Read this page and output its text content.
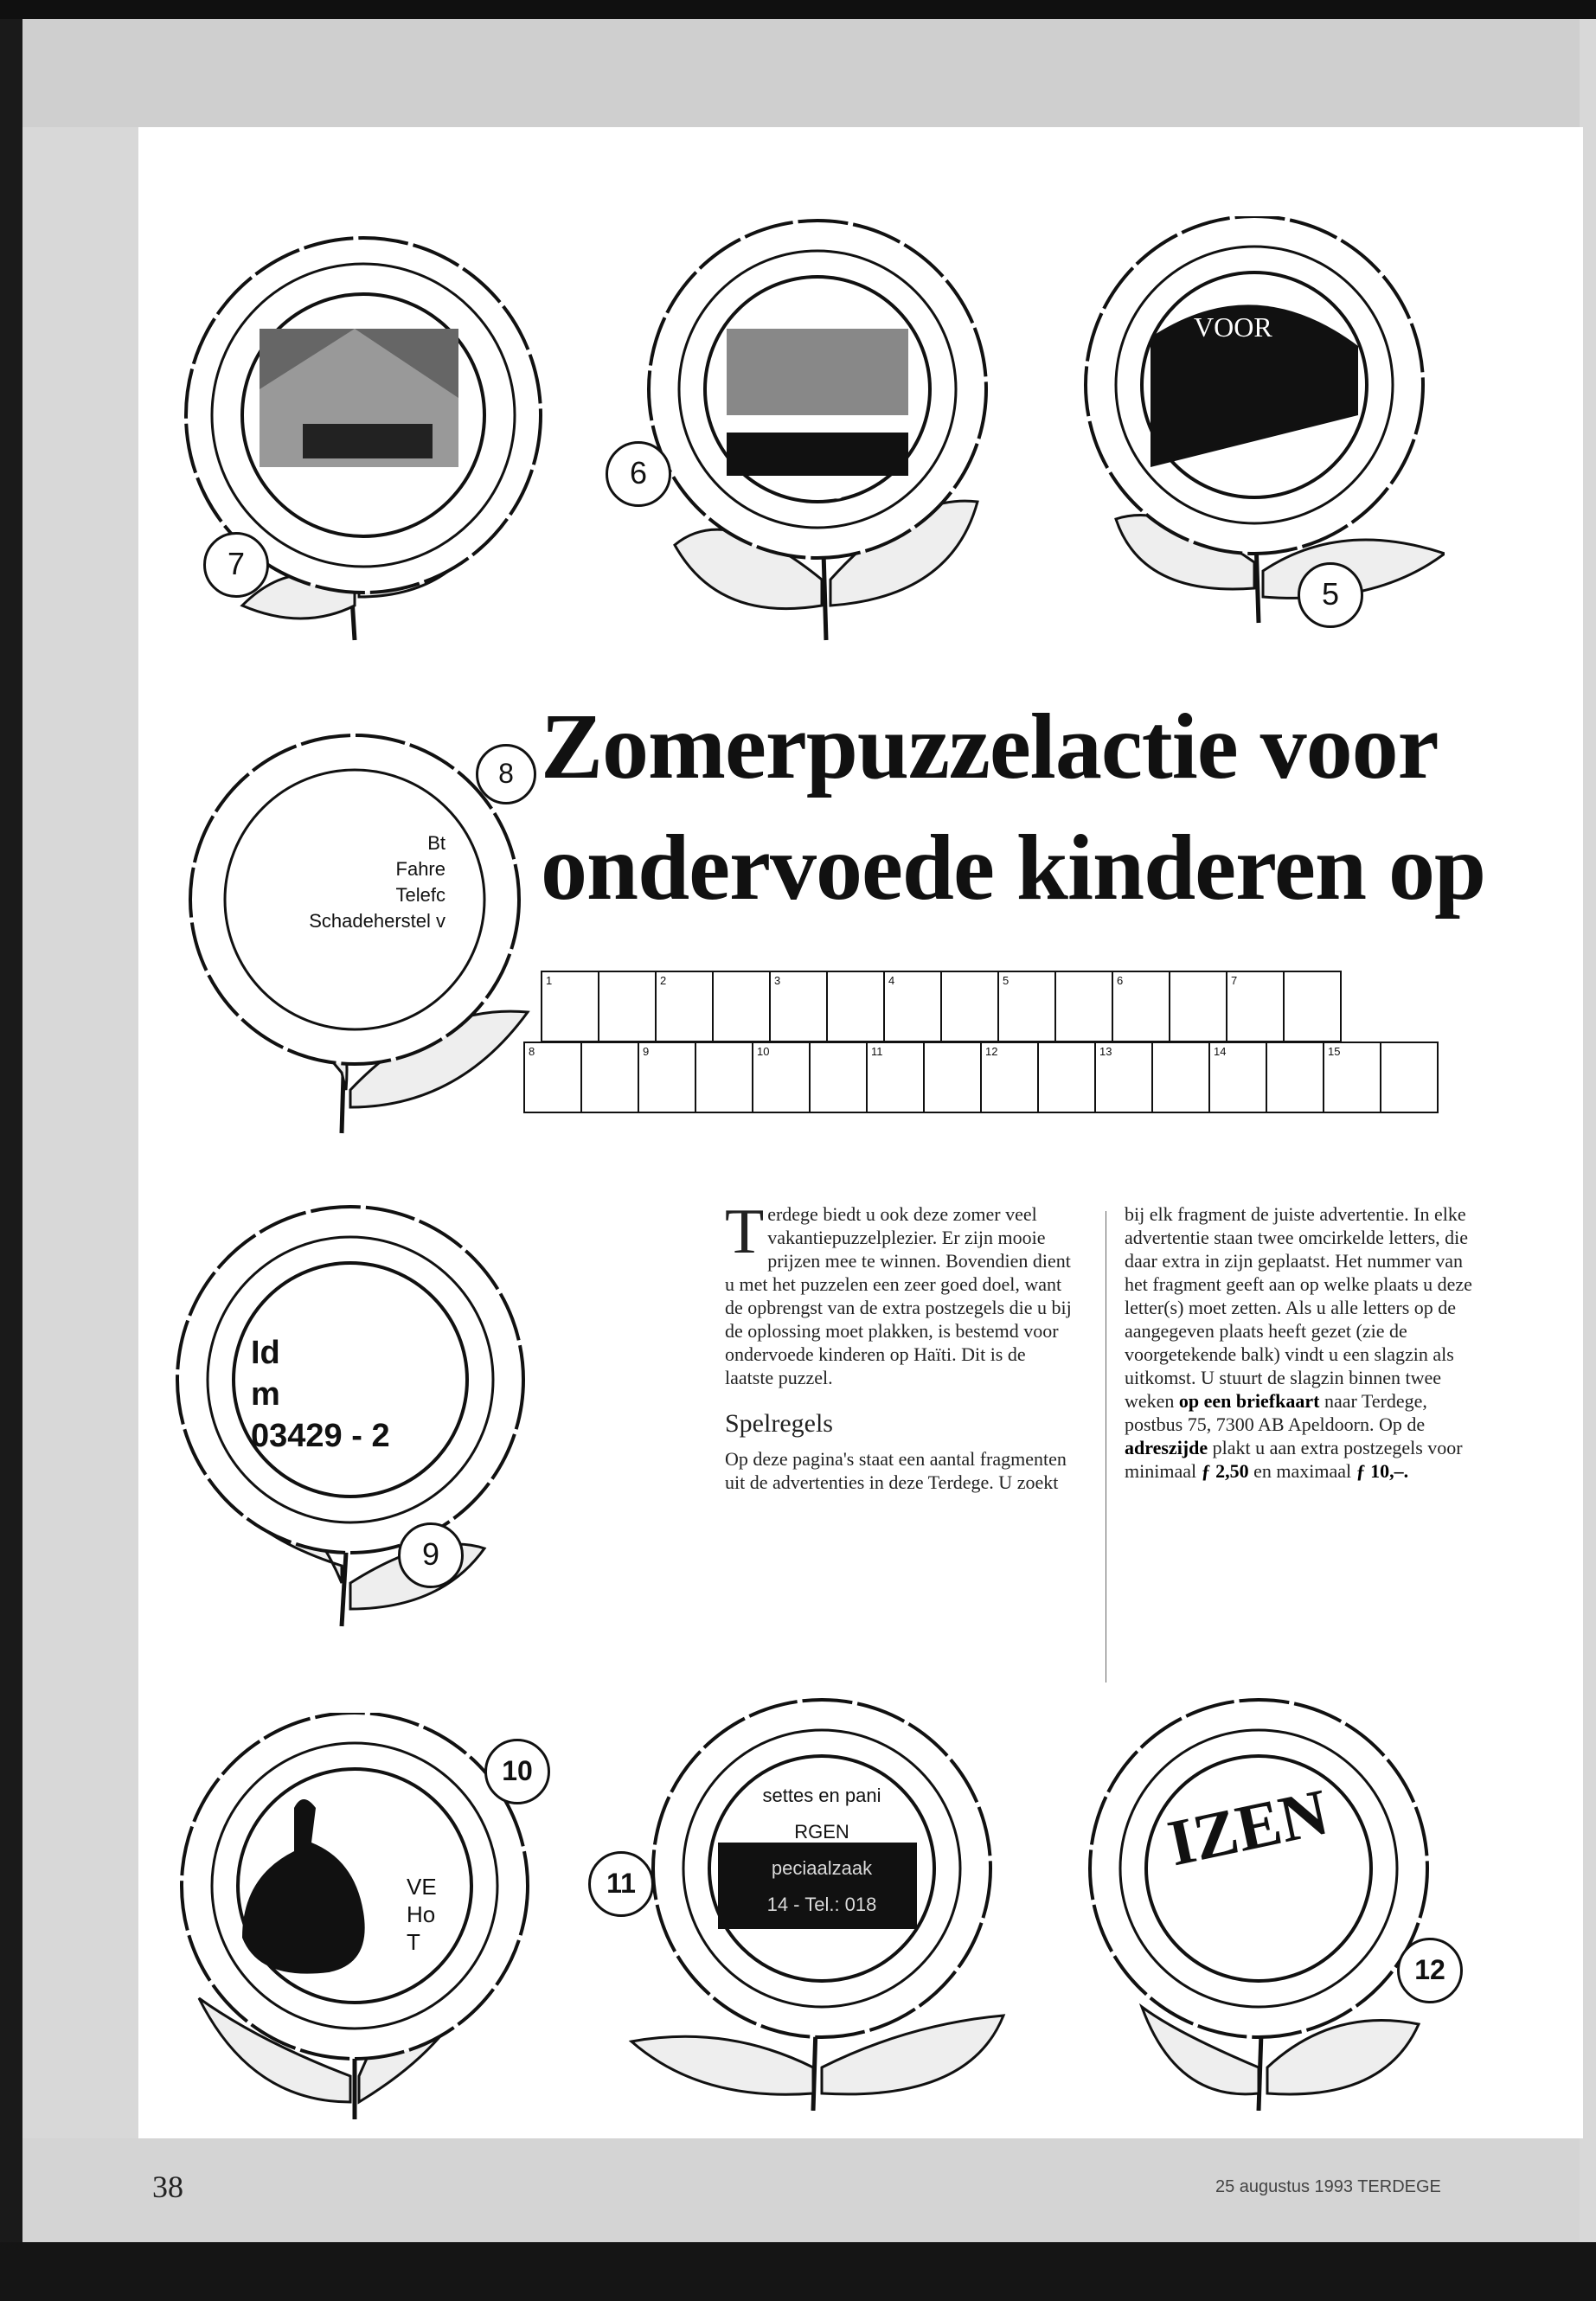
7
echt g
6
VOOR
5
Zomerpuzzelactie voor
ondervoede kinderen op
Bt
Fahre
Telefc
Schadeherstel v
8
1	2	3	4	5	6	7
8	9	10	11	12	13	14	15
Id
m
03429 - 2
9

Terdege biedt u ook deze zomer veel vakantiepuzzelplezier. Er zijn mooie prijzen mee te winnen. Bovendien dient u met het puzzelen een zeer goed doel, want de opbrengst van de extra postzegels die u bij de oplossing moet plakken, is bestemd voor ondervoede kinderen op Haïti. Dit is de laatste puzzel.

Spelregels

Op deze pagina's staat een aantal fragmenten uit de advertenties in deze Terdege. U zoekt

bij elk fragment de juiste advertentie. In elke advertentie staan twee omcirkelde letters, die daar extra in zijn geplaatst. Het nummer van het fragment geeft aan op welke plaats u deze letter(s) moet zetten. Als u alle letters op de aangegeven plaats heeft gezet (zie de voorgetekende balk) vindt u een slagzin als uitkomst. U stuurt de slagzin binnen twee weken op een briefkaart naar Terdege, postbus 75, 7300 AB Apeldoorn. Op de adreszijde plakt u aan extra postzegels voor minimaal ƒ 2,50 en maximaal ƒ 10,–.

VE
Ho
T
10
settes en pani
RGEN
peciaalzaak
14 - Tel.: 018
11
IZEN
12
38	25 augustus 1993 TERDEGE
